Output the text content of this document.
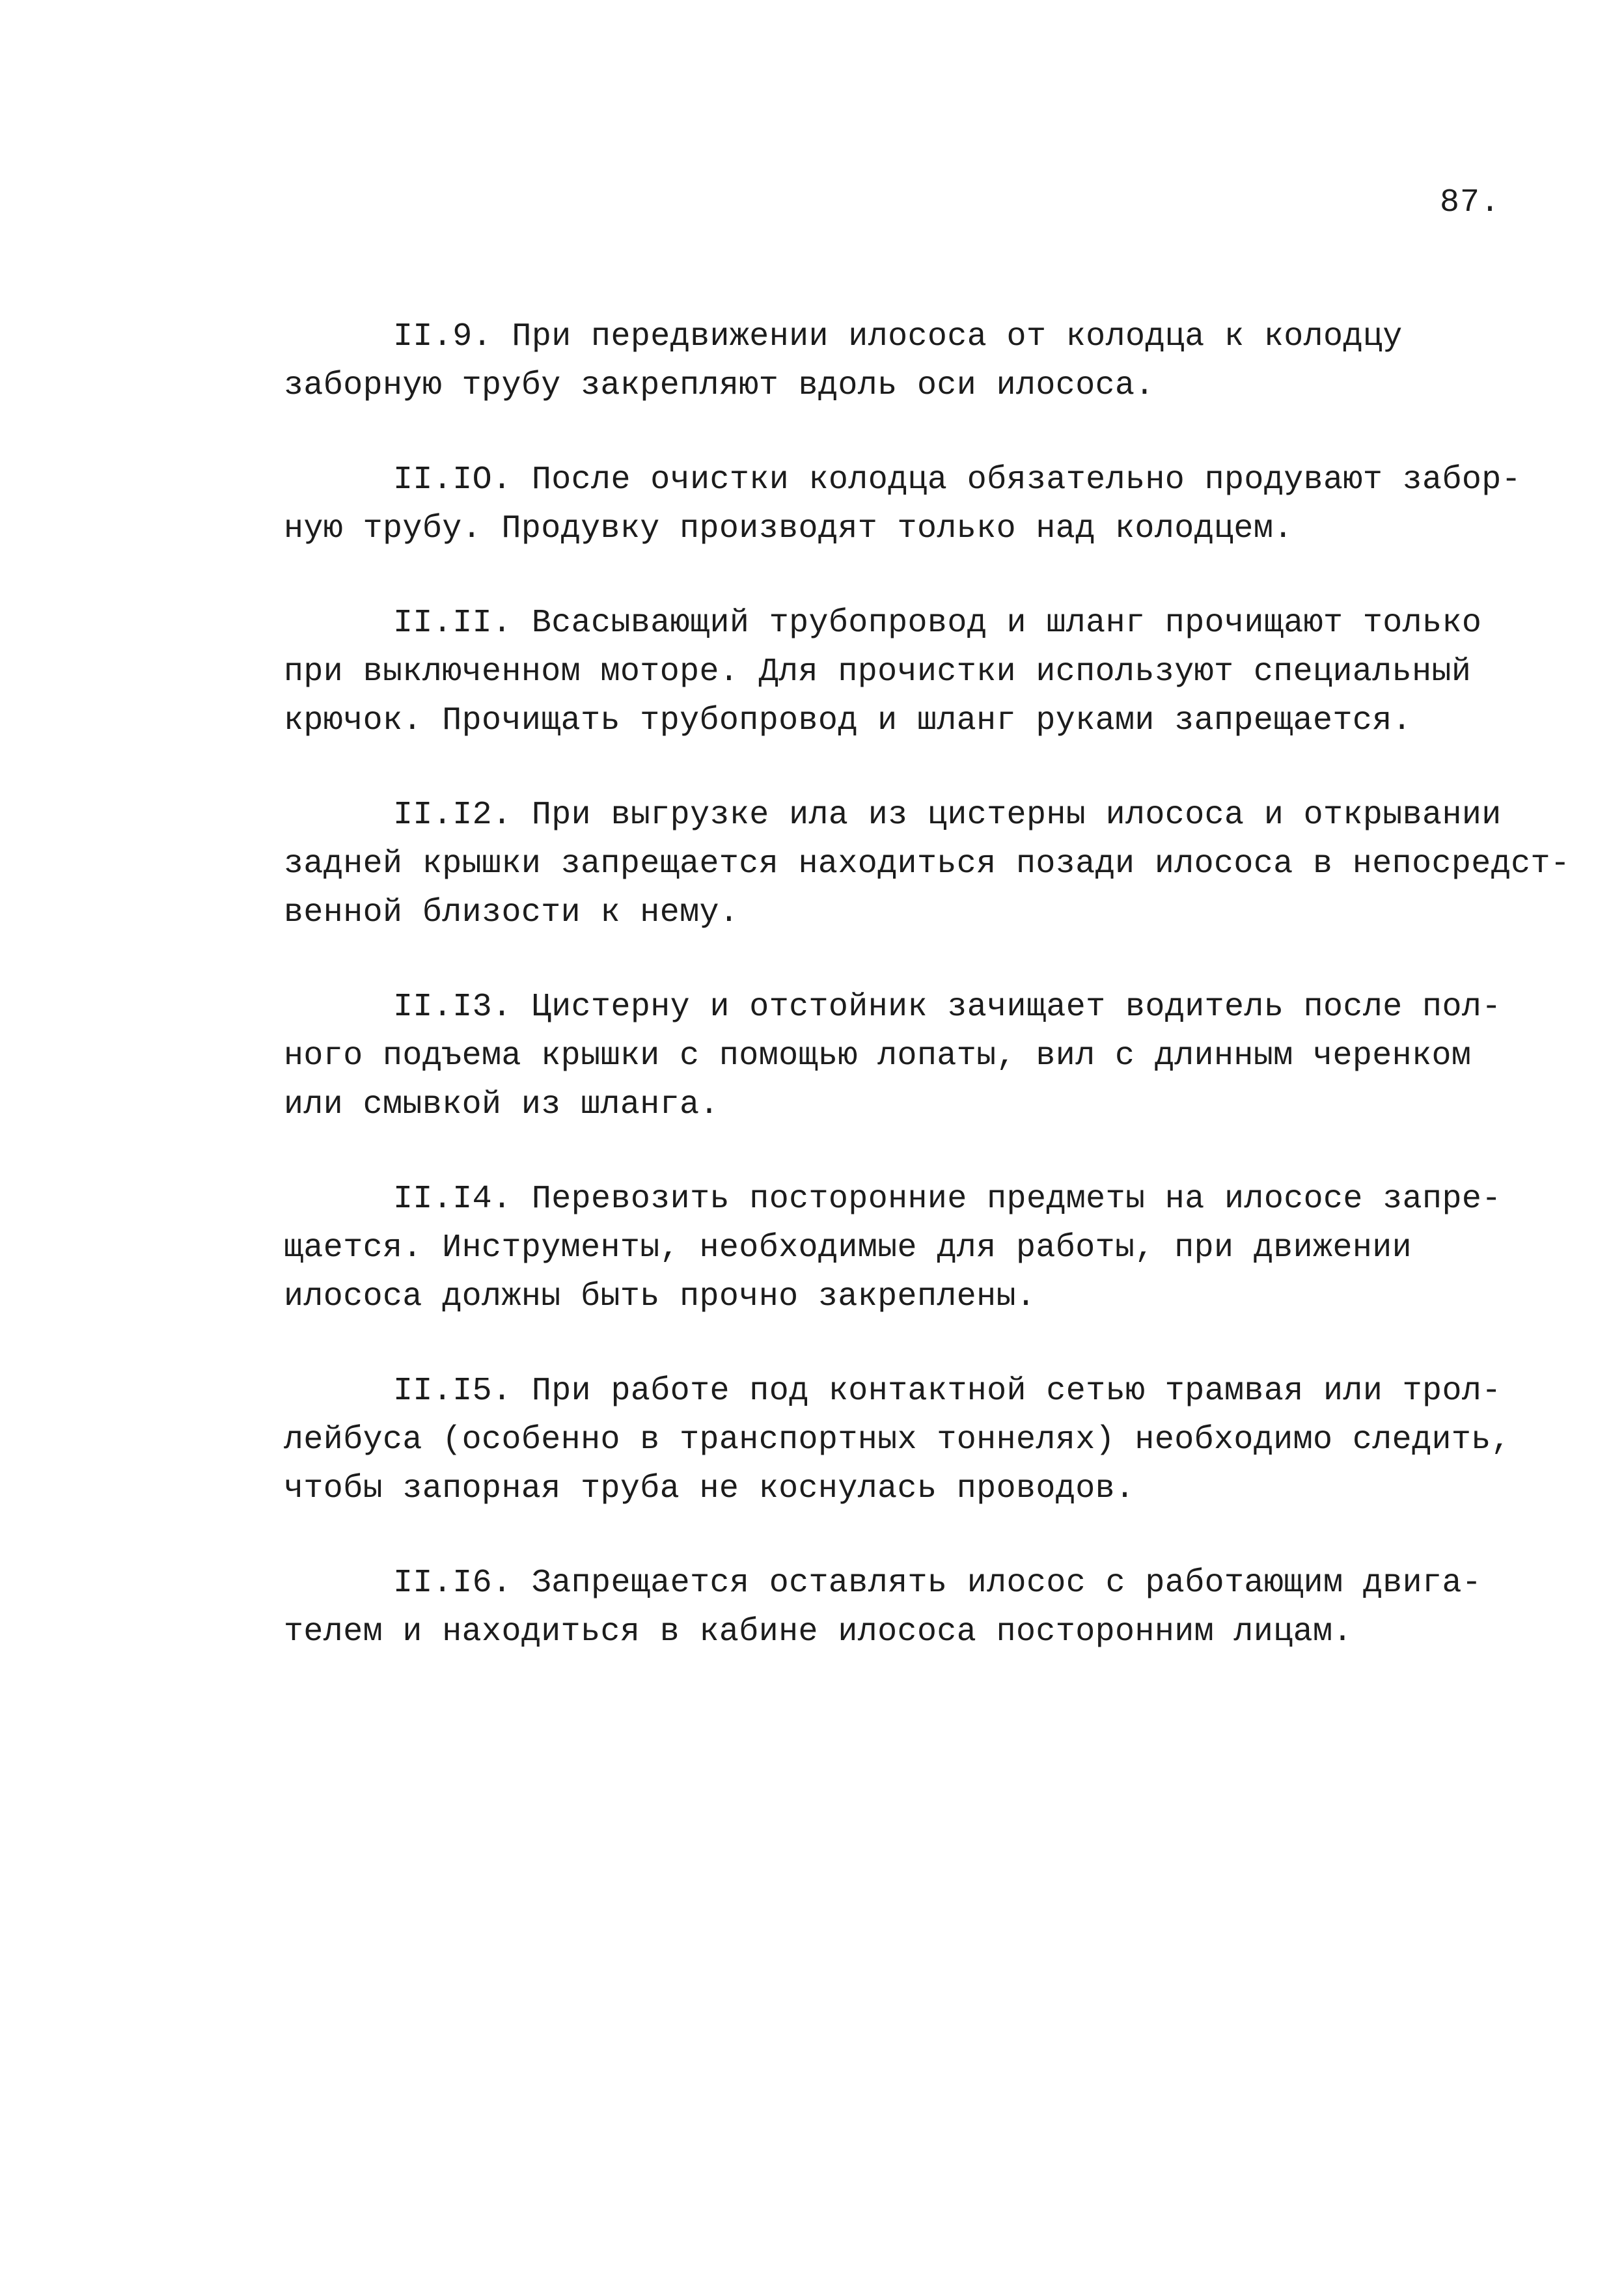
87.
II.9. При передвижении илососа от колодца к колодцу
заборную трубу закрепляют вдоль оси илососа.
II.IO. После очистки колодца обязательно продувают забор-
ную трубу. Продувку производят только над колодцем.
II.II. Всасывающий трубопровод и шланг прочищают только
при выключенном моторе. Для прочистки используют специальный
крючок. Прочищать трубопровод и шланг руками запрещается.
II.I2. При выгрузке ила из цистерны илососа и открывании
задней крышки запрещается находиться позади илососа в непосредст-
венной близости к нему.
II.I3. Цистерну и отстойник зачищает водитель после пол-
ного подъема крышки с помощью лопаты, вил с длинным черенком
или смывкой из шланга.
II.I4. Перевозить посторонние предметы на илососе запре-
щается. Инструменты, необходимые для работы, при движении
илососа должны быть прочно закреплены.
II.I5. При работе под контактной сетью трамвая или трол-
лейбуса (особенно в транспортных тоннелях) необходимо следить,
чтобы запорная труба не коснулась проводов.
II.I6. Запрещается оставлять илосос с работающим двига-
телем и находиться в кабине илососа посторонним лицам.
